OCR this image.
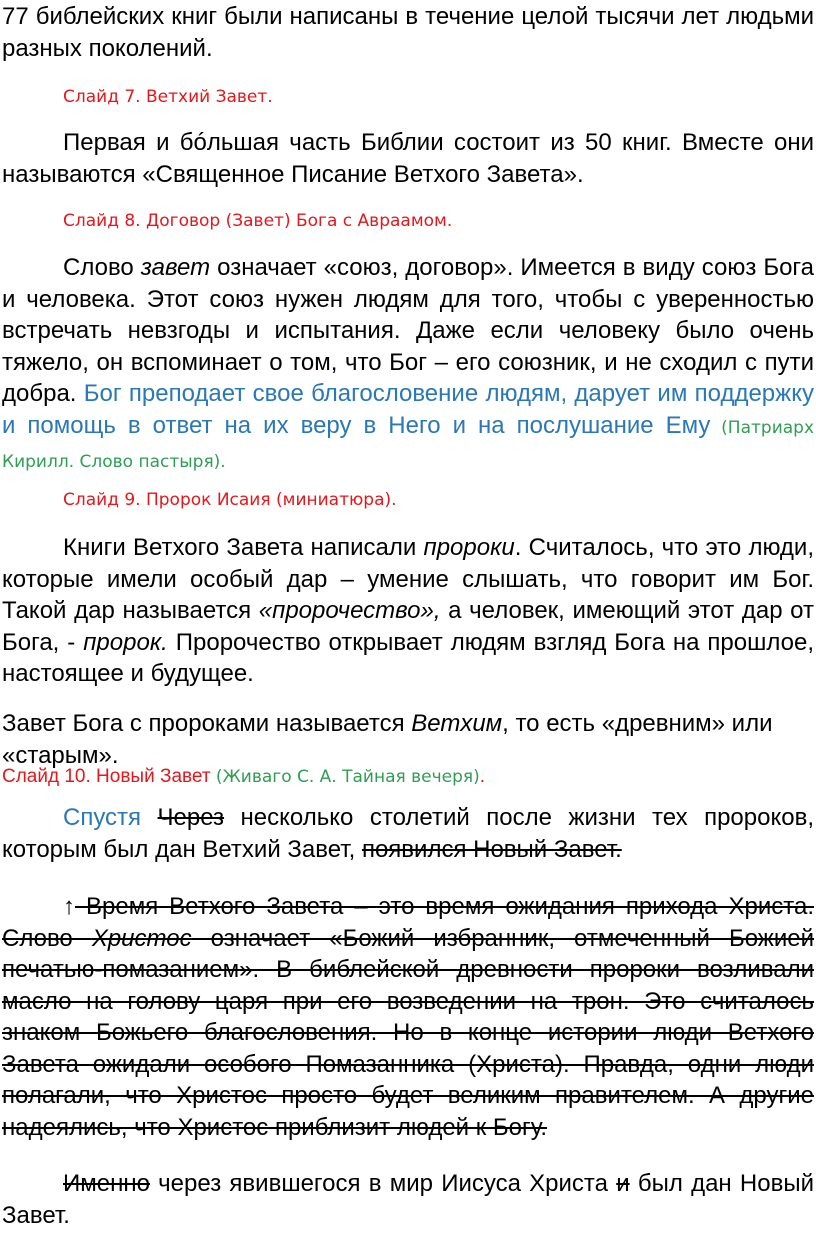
77 библейских книг были написаны в течение целой тысячи лет людьми разных поколений.

Слайд 7. Ветхий Завет.

Первая и бóльшая часть Библии состоит из 50 книг. Вместе они называются «Священное Писание Ветхого Завета».

Слайд 8. Договор (Завет) Бога с Авраамом.

Слово завет означает «союз, договор». Имеется в виду союз Бога и человека. Этот союз нужен людям для того, чтобы с уверенностью встречать невзгоды и испытания. Даже если человеку было очень тяжело, он вспоминает о том, что Бог – его союзник, и не сходил с пути добра. Бог преподает свое благословение людям, дарует им поддержку и помощь в ответ на их веру в Него и на послушание Ему (Патриарх Кирилл. Слово пастыря).

Слайд 9. Пророк Исаия (миниатюра).

Книги Ветхого Завета написали пророки. Считалось, что это люди, которые имели особый дар – умение слышать, что говорит им Бог. Такой дар называется «пророчество», а человек, имеющий этот дар от Бога, - пророк. Пророчество открывает людям взгляд Бога на прошлое, настоящее и будущее.

Завет Бога с пророками называется Ветхим, то есть «древним» или «старым».

Слайд 10. Новый Завет (Живаго С. А. Тайная вечеря).

Спустя Через несколько столетий после жизни тех пророков, которым был дан Ветхий Завет, появился Новый Завет.

↑ Время Ветхого Завета – это время ожидания прихода Христа. Слово Христос означает «Божий избранник, отмеченный Божией печатью-помазанием». В библейской древности пророки возливали масло на голову царя при его возведении на трон. Это считалось знаком Божьего благословения. Но в конце истории люди Ветхого Завета ожидали особого Помазанника (Христа). Правда, одни люди полагали, что Христос просто будет великим правителем. А другие надеялись, что Христос приблизит людей к Богу.

Именно через явившегося в мир Иисуса Христа и был дан Новый Завет.
